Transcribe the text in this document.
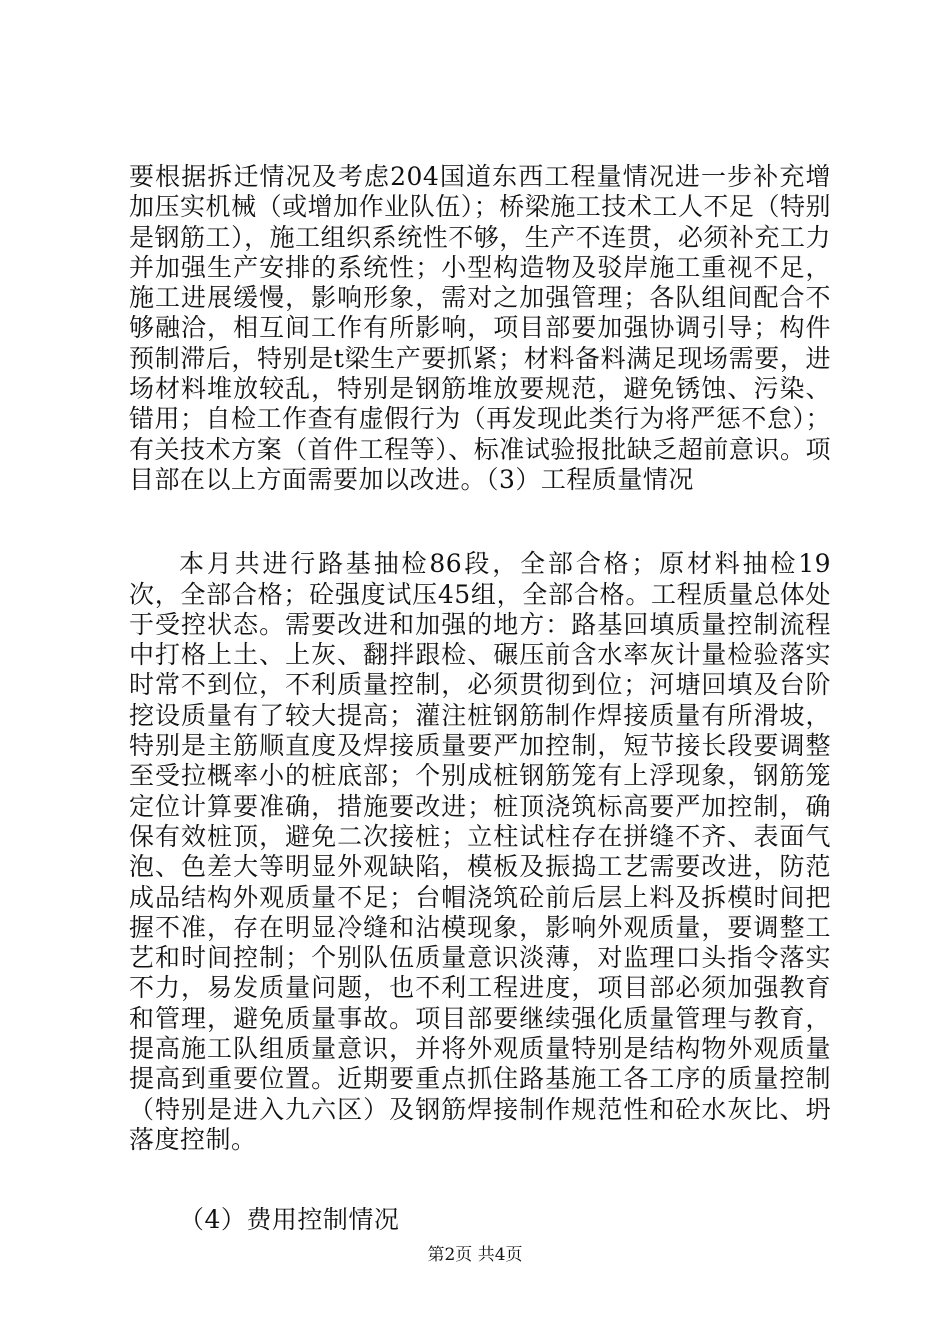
要根据拆迁情况及考虑204国道东西工程量情况进一步补充增加压实机械（或增加作业队伍）；桥梁施工技术工人不足（特别是钢筋工），施工组织系统性不够，生产不连贯，必须补充工力并加强生产安排的系统性；小型构造物及驳岸施工重视不足，施工进展缓慢，影响形象，需对之加强管理；各队组间配合不够融洽，相互间工作有所影响，项目部要加强协调引导；构件预制滞后，特别是t梁生产要抓紧；材料备料满足现场需要，进场材料堆放较乱，特别是钢筋堆放要规范，避免锈蚀、污染、错用；自检工作查有虚假行为（再发现此类行为将严惩不怠）；有关技术方案（首件工程等）、标准试验报批缺乏超前意识。项目部在以上方面需要加以改进。（3）工程质量情况

本月共进行路基抽检86段，全部合格；原材料抽检19次，全部合格；砼强度试压45组，全部合格。工程质量总体处于受控状态。需要改进和加强的地方：路基回填质量控制流程中打格上土、上灰、翻拌跟检、碾压前含水率灰计量检验落实时常不到位，不利质量控制，必须贯彻到位；河塘回填及台阶挖设质量有了较大提高；灌注桩钢筋制作焊接质量有所滑坡，特别是主筋顺直度及焊接质量要严加控制，短节接长段要调整至受拉概率小的桩底部；个别成桩钢筋笼有上浮现象，钢筋笼定位计算要准确，措施要改进；桩顶浇筑标高要严加控制，确保有效桩顶，避免二次接桩；立柱试柱存在拼缝不齐、表面气泡、色差大等明显外观缺陷，模板及振捣工艺需要改进，防范成品结构外观质量不足；台帽浇筑砼前后层上料及拆模时间把握不准，存在明显冷缝和沾模现象，影响外观质量，要调整工艺和时间控制；个别队伍质量意识淡薄，对监理口头指令落实不力，易发质量问题，也不利工程进度，项目部必须加强教育和管理，避免质量事故。项目部要继续强化质量管理与教育，提高施工队组质量意识，并将外观质量特别是结构物外观质量提高到重要位置。近期要重点抓住路基施工各工序的质量控制（特别是进入九六区）及钢筋焊接制作规范性和砼水灰比、坍落度控制。

（4）费用控制情况

第2页 共4页
